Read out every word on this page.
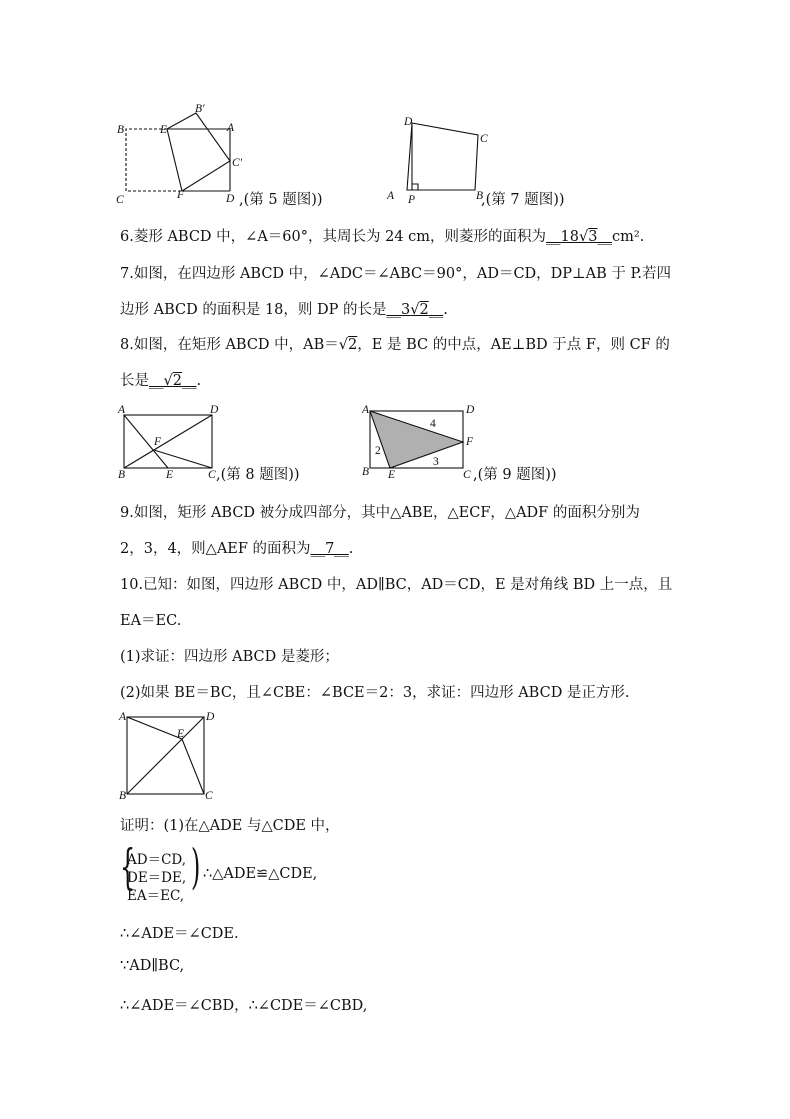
B	E
B′
A
C′
C	F	D ,(第 5 题图))
D
C
A P	B
,(第 7 题图))
6.菱形 ABCD 中，∠A＝60°，其周长为 24 cm，则菱形的面积为__18√3__cm².
7.如图，在四边形 ABCD 中，∠ADC＝∠ABC＝90°，AD＝CD，DP⊥AB 于 P.若四
边形 ABCD 的面积是 18，则 DP 的长是__3√2__.
8.如图，在矩形 ABCD 中，AB＝√2，E 是 BC 的中点，AE⊥BD 于点 F，则 CF 的
长是__√2__.
A	D
F
B	E	C ,(第 8 题图))
A	D
F
B E	C
4
2
3
,(第 9 题图))
9.如图，矩形 ABCD 被分成四部分，其中△ABE，△ECF，△ADF 的面积分别为
2，3，4，则△AEF 的面积为__7__.
10.已知：如图，四边形 ABCD 中，AD∥BC，AD＝CD，E 是对角线 BD 上一点，且
EA＝EC.
(1)求证：四边形 ABCD 是菱形；
(2)如果 BE＝BC，且∠CBE：∠BCE＝2：3，求证：四边形 ABCD 是正方形.
A	D
E
B	C
证明：(1)在△ADE 与△CDE 中，
{
AD＝CD,
DE＝DE,
EA＝EC,
) ∴△ADE≌△CDE,
∴∠ADE＝∠CDE.
∵AD∥BC,
∴∠ADE＝∠CBD，∴∠CDE＝∠CBD,
